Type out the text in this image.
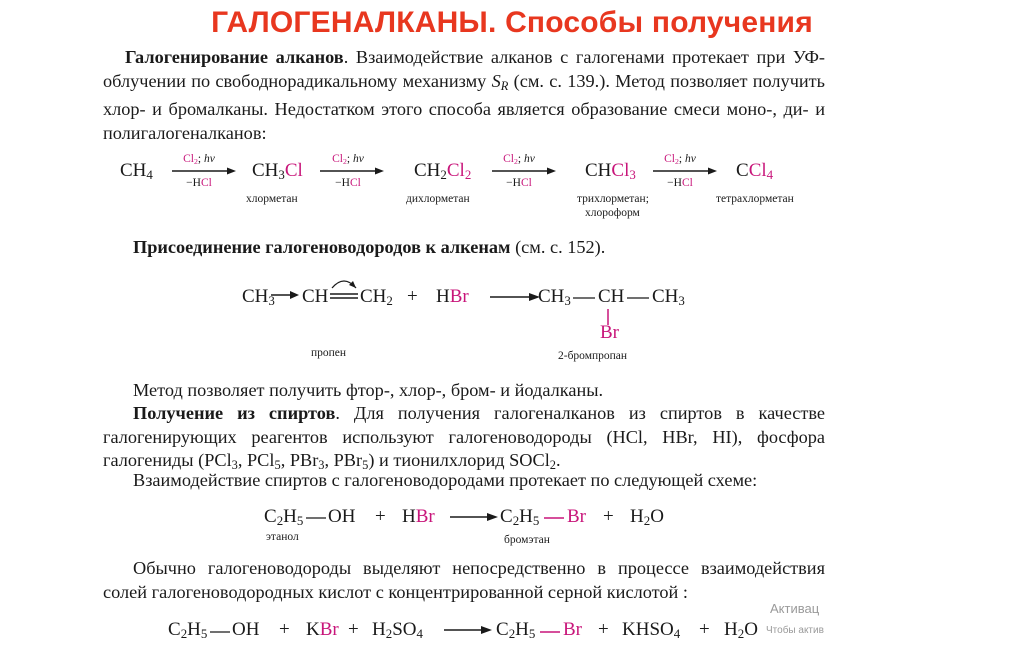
ГАЛОГЕНАЛКАНЫ. Способы получения
Галогенирование алканов. Взаимодействие алканов с галогенами протекает при УФ-облучении по свободнорадикальному механизму $S_R$ (см. с. 139.). Метод позволяет получить хлор- и бромалканы. Недостатком этого способа является образование смеси моно-, ди- и полигалогеналканов:
$CH_4$
$Cl_2$; hν
−HCl
$CH_3Cl$
хлорметан
$Cl_2$; hν
−HCl
$CH_2Cl_2$
дихлорметан
$Cl_2$; hν
−HCl
CHCl$_3$
трихлорметан;
хлороформ
$Cl_2$; hν
−HCl
CCl$_4$
тетрахлорметан
Присоединение галогеноводородов к алкенам (см. с. 152).
$CH_3$ CH $CH_2$ + HBr →
$CH_3$ CH $CH_3$
Br
пропен	2-бромпропан
Метод позволяет получить фтор-, хлор-, бром- и йодалканы.
Получение из спиртов. Для получения галогеналканов из спиртов в качестве галогенирующих реагентов используют галогеноводороды (HCl, HBr, HI), фосфора галогениды (PCl$_3$, PCl$_5$, PBr$_3$, PBr$_5$) и тионилхлорид SOCl$_2$.
Взаимодействие спиртов с галогеноводородами протекает по следующей схеме:
$C_2H_5$ OH + HBr → $C_2H_5$ $Br + H_2O$
этанол	бромэтан
Обычно галогеноводороды выделяют непосредственно в процессе взаимодействия солей галогеноводородных кислот с концентрированной серной кислотой :
$C_2H_5$ OH + KBr + $H_2SO_4 \to C_2H_5$ $Br + KHSO_4 + H_2O$
Активац
Чтобы актив
